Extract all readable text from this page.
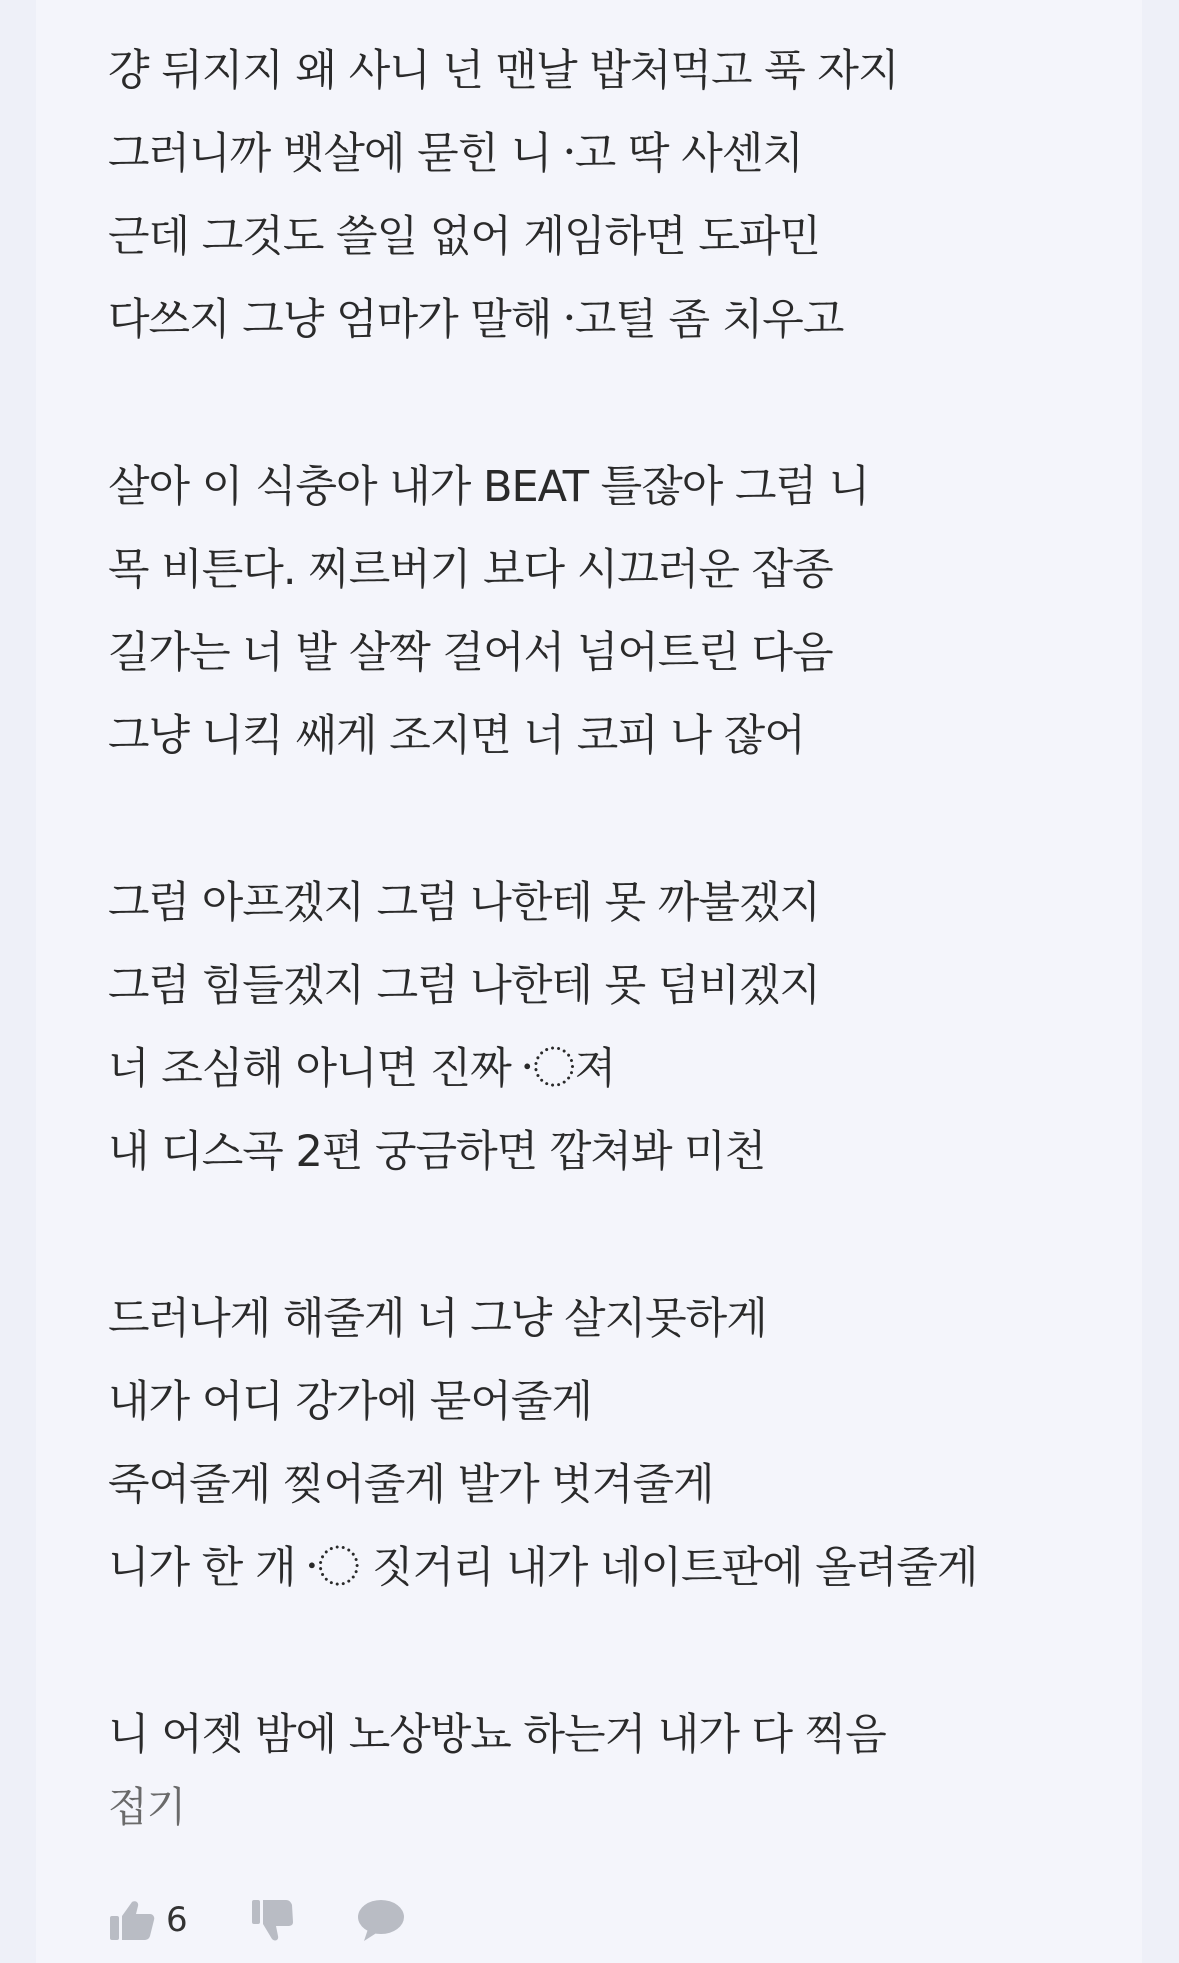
걍 뒤지지 왜 사니 넌 맨날 밥처먹고 푹 자지
그러니까 뱃살에 묻힌 니 고〮 딱 사센치
근데 그것도 쓸일 없어 게임하면 도파민
다쓰지 그냥 엄마가 말해 고〮털 좀 치우고
살아 이 식충아 내가 BEAT 틀잖아 그럼 니
목 비튼다. 찌르버기 보다 시끄러운 잡종
길가는 너 발 살짝 걸어서 넘어트린 다음
그냥 니킥 쌔게 조지면 너 코피 나 잖어
그럼 아프겠지 그럼 나한테 못 까불겠지
그럼 힘들겠지 그럼 나한테 못 덤비겠지
너 조심해 아니면 진짜 〮져
내 디스곡 2편 궁금하면 깝쳐봐 미천
드러나게 해줄게 너 그냥 살지못하게
내가 어디 강가에 묻어줄게
죽여줄게 찢어줄게 발가 벗겨줄게
니가 한 개 〮 짓거리 내가 네이트판에 올려줄게
니 어젯 밤에 노상방뇨 하는거 내가 다 찍음
접기
6
